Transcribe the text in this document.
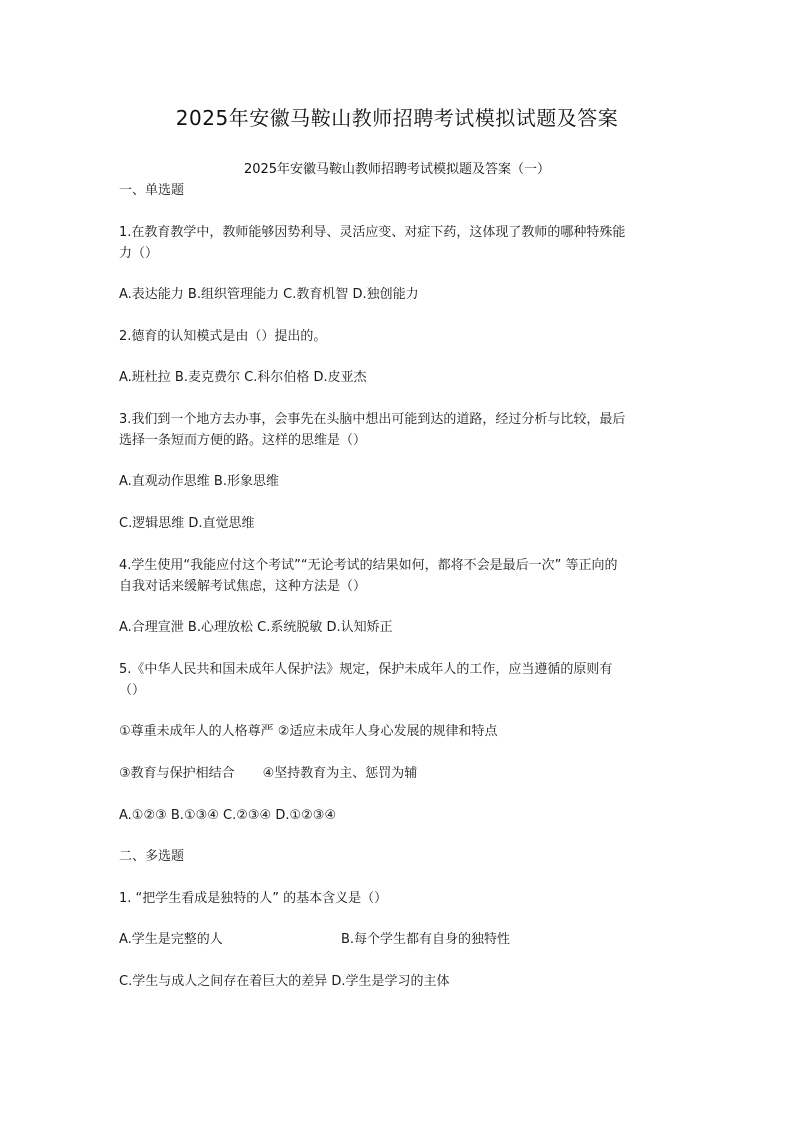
2025年安徽马鞍山教师招聘考试模拟试题及答案
2025年安徽马鞍山教师招聘考试模拟题及答案（一）
一、单选题
1.在教育教学中，教师能够因势利导、灵活应变、对症下药，这体现了教师的哪种特殊能
力（）
A.表达能力 B.组织管理能力 C.教育机智 D.独创能力
2.德育的认知模式是由（）提出的。
A.班杜拉 B.麦克费尔 C.科尔伯格 D.皮亚杰
3.我们到一个地方去办事，会事先在头脑中想出可能到达的道路，经过分析与比较，最后
选择一条短而方便的路。这样的思维是（）
A.直观动作思维 B.形象思维
C.逻辑思维 D.直觉思维
4.学生使用“我能应付这个考试”“无论考试的结果如何，都将不会是最后一次” 等正向的
自我对话来缓解考试焦虑，这种方法是（）
A.合理宣泄 B.心理放松 C.系统脱敏 D.认知矫正
5.《中华人民共和国未成年人保护法》规定，保护未成年人的工作，应当遵循的原则有
（）
①尊重未成年人的人格尊严 ②适应未成年人身心发展的规律和特点
③教育与保护相结合 ④坚持教育为主、惩罚为辅
A.①②③ B.①③④ C.②③④ D.①②③④
二、多选题
1. “把学生看成是独特的人” 的基本含义是（）
A.学生是完整的人	B.每个学生都有自身的独特性
C.学生与成人之间存在着巨大的差异 D.学生是学习的主体
